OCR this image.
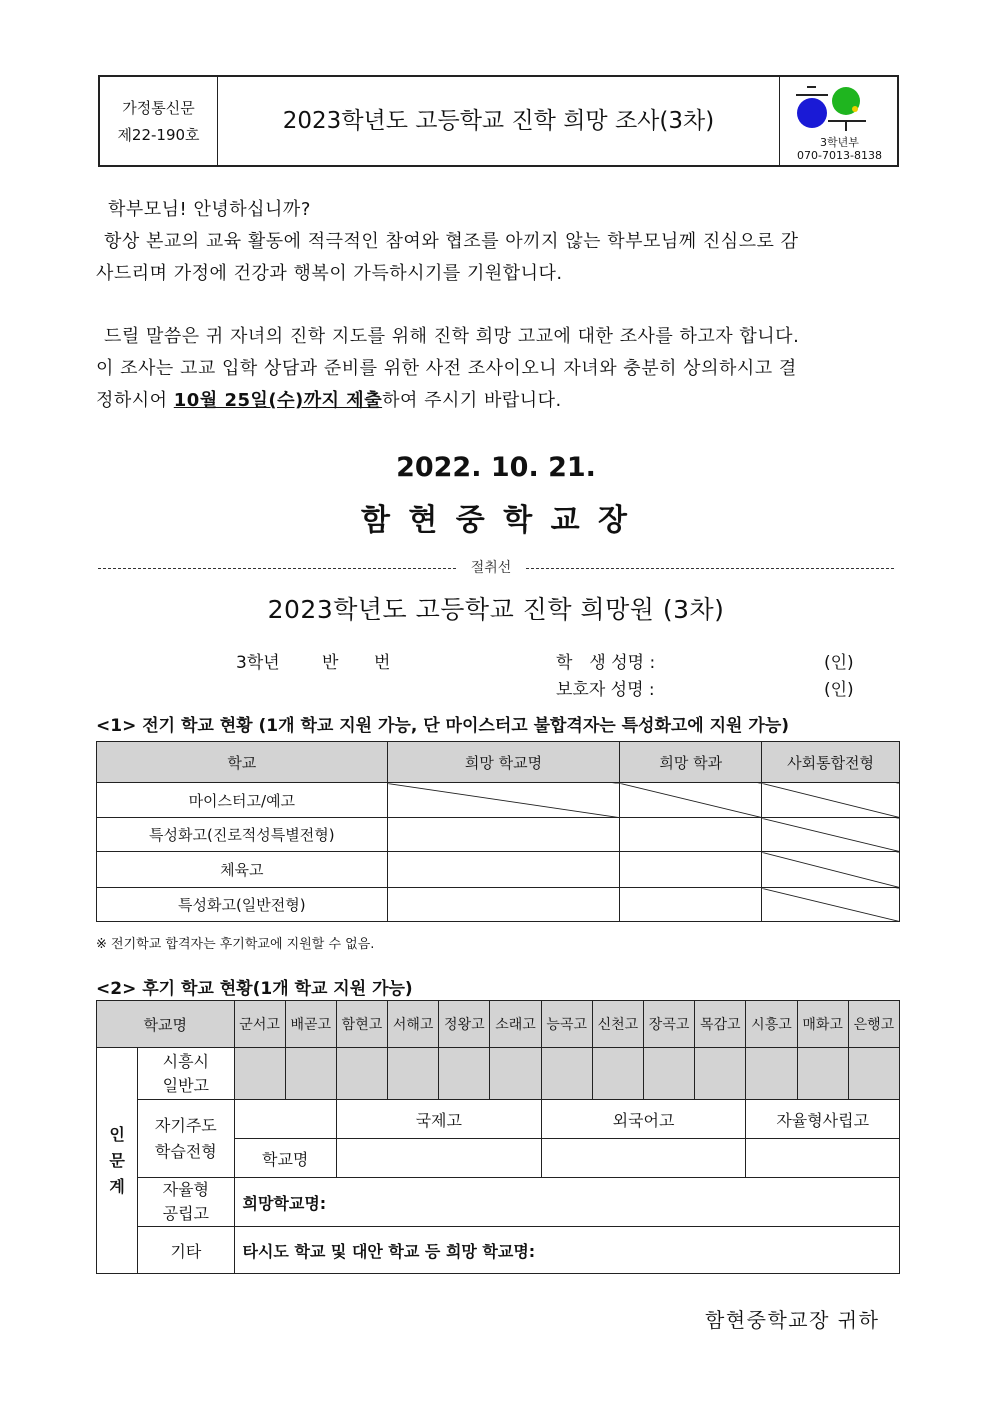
가정통신문
제22-190호
2023학년도 고등학교 진학 희망 조사(3차)
3학년부
070-7013-8138
학부모님! 안녕하십니까?
항상 본교의 교육 활동에 적극적인 참여와 협조를 아끼지 않는 학부모님께 진심으로 감
사드리며 가정에 건강과 행복이 가득하시기를 기원합니다.
드릴 말씀은 귀 자녀의 진학 지도를 위해 진학 희망 고교에 대한 조사를 하고자 합니다.
이 조사는 고교 입학 상담과 준비를 위한 사전 조사이오니 자녀와 충분히 상의하시고 결
정하시어 10월 25일(수)까지 제출하여 주시기 바랍니다.
2022. 10. 21.
함 현 중 학 교 장
절취선
2023학년도 고등학교 진학 희망원 (3차)
3학년 반 번	학　생 성명 :	(인)
보호자 성명 :	(인)
<1> 전기 학교 현황 (1개 학교 지원 가능, 단 마이스터고 불합격자는 특성화고에 지원 가능)
학교	희망 학교명	희망 학과	사회통합전형
마이스터고/예고			
특성화고(진로적성특별전형)			
체육고			
특성화고(일반전형)			
※ 전기학교 합격자는 후기학교에 지원할 수 없음.
<2> 후기 학교 현황(1개 학교 지원 가능)
학교명		군서고	배곧고	함현고	서해고	정왕고	소래고	능곡고	신천고	장곡고	목감고	시흥고	매화고	은행고

인문계	시흥시 일반고													
	자기주도 학습전형			국제고				외국어고				자율형사립고		
		학교명												
	자율형 공립고	희망학교명:												
	기타	타시도 학교 및 대안 학교 등 희망 학교명:												
함현중학교장 귀하
